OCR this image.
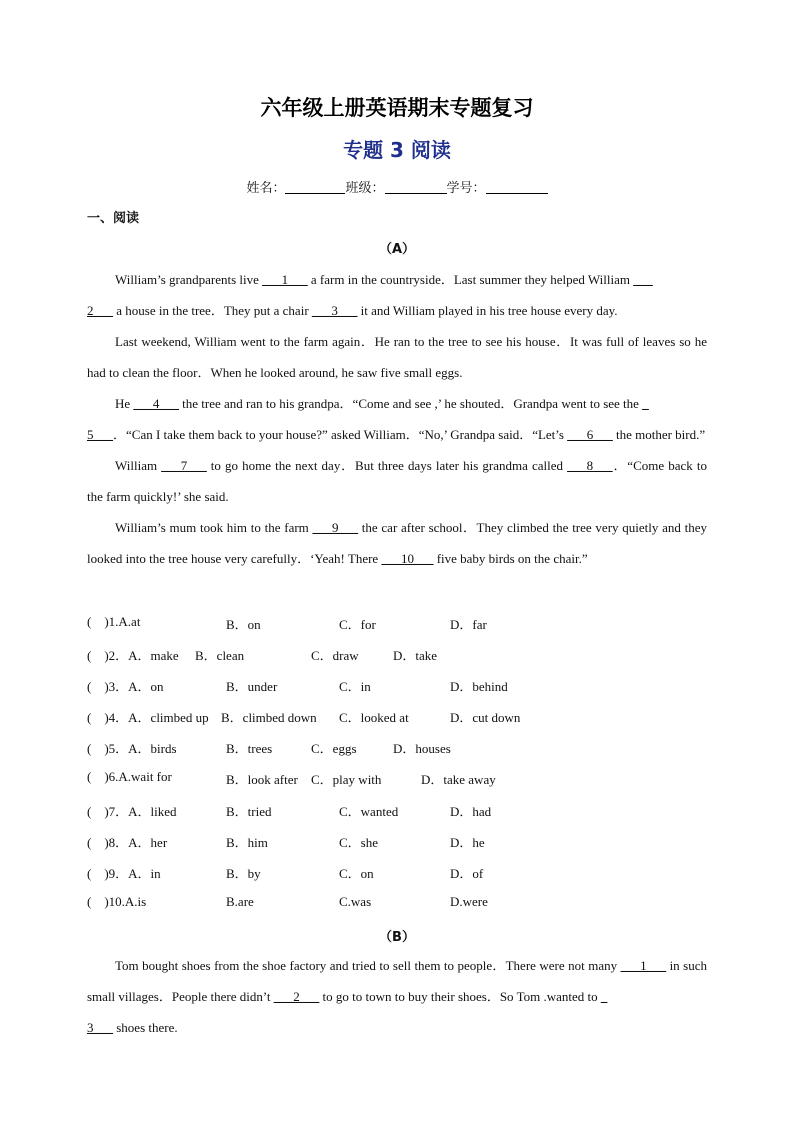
六年级上册英语期末专题复习
专题 3 阅读
姓名：	班级：	学号：
一、阅读
（A）

William’s grandparents live ___1___ a farm in the countryside．Last summer they helped William ___

2___ a house in the tree．They put a chair ___3___ it and William played in his tree house every day.

Last weekend, William went to the farm again．He ran to the tree to see his house．It was full of leaves so he had to clean the floor．When he looked around, he saw five small eggs.

He ___4___ the tree and ran to his grandpa．“Come and see ,’ he shouted．Grandpa went to see the _

5___．“Can I take them back to your house?” asked William．“No,’ Grandpa said．“Let’s ___6___ the mother bird.”

William ___7___ to go home the next day．But three days later his grandma called ___8___．“Come back to the farm quickly!’ she said.

William’s mum took him to the farm ___9___ the car after school．They climbed the tree very quietly and they looked into the tree house very carefully．‘Yeah! There ___10___ five baby birds on the chair.”

(    )1.A.at	B．on	C．for	D．far
(    )2．A．make B．clean	C．draw	D．take
(    )3．A．on	B．under	C．in	D．behind
(    )4．A．climbed up B．climbed down C．looked at	D．cut down
(    )5．A．birds	B．trees	C．eggs	D．houses
(    )6.A.wait for	B．look after C．play with	D．take away
(    )7．A．liked	B．tried	C．wanted	D．had
(    )8．A．her	B．him	C．she	D．he
(    )9．A．in	B．by	C．on	D．of
(    )10.A.is	B.are	C.was	D.were
（B）

Tom bought shoes from the shoe factory and tried to sell them to people．There were not many ___1___ in such small villages．People there didn’t ___2___ to go to town to buy their shoes．So Tom .wanted to _
3___ shoes there.
